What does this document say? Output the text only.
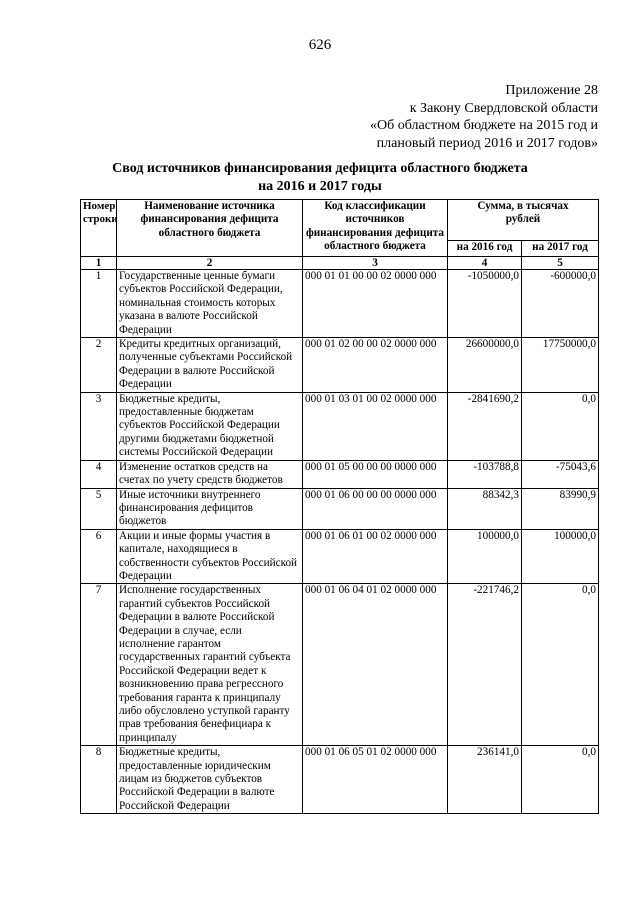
626
Приложение 28
к Закону Свердловской области
«Об областном бюджете на 2015 год и
плановый период 2016 и 2017 годов»
Свод источников финансирования дефицита областного бюджета
на 2016 и 2017 годы
Номер строки	Наименование источника финансирования дефицита областного бюджета	Код классификации источников финансирования дефицита областного бюджета	Сумма, в тысячах рублей	
			на 2016 год	на 2017 год
1	2	3	4	5
1	Государственные ценные бумаги субъектов Российской Федерации, номинальная стоимость которых указана в валюте Российской Федерации	000 01 01 00 00 02 0000 000	-1050000,0	-600000,0
2	Кредиты кредитных организаций, полученные субъектами Российской Федерации в валюте Российской Федерации	000 01 02 00 00 02 0000 000	26600000,0	17750000,0
3	Бюджетные кредиты, предоставленные бюджетам субъектов Российской Федерации другими бюджетами бюджетной системы Российской Федерации	000 01 03 01 00 02 0000 000	-2841690,2	0,0
4	Изменение остатков средств на счетах по учету средств бюджетов	000 01 05 00 00 00 0000 000	-103788,8	-75043,6
5	Иные источники внутреннего финансирования дефицитов бюджетов	000 01 06 00 00 00 0000 000	88342,3	83990,9
6	Акции и иные формы участия в капитале, находящиеся в собственности субъектов Российской Федерации	000 01 06 01 00 02 0000 000	100000,0	100000,0
7	Исполнение государственных гарантий субъектов Российской Федерации в валюте Российской Федерации в случае, если исполнение гарантом государственных гарантий субъекта Российской Федерации ведет к возникновению права регрессного требования гаранта к принципалу либо обусловлено уступкой гаранту прав требования бенефициара к принципалу	000 01 06 04 01 02 0000 000	-221746,2	0,0
8	Бюджетные кредиты, предоставленные юридическим лицам из бюджетов субъектов Российской Федерации в валюте Российской Федерации	000 01 06 05 01 02 0000 000	236141,0	0,0
